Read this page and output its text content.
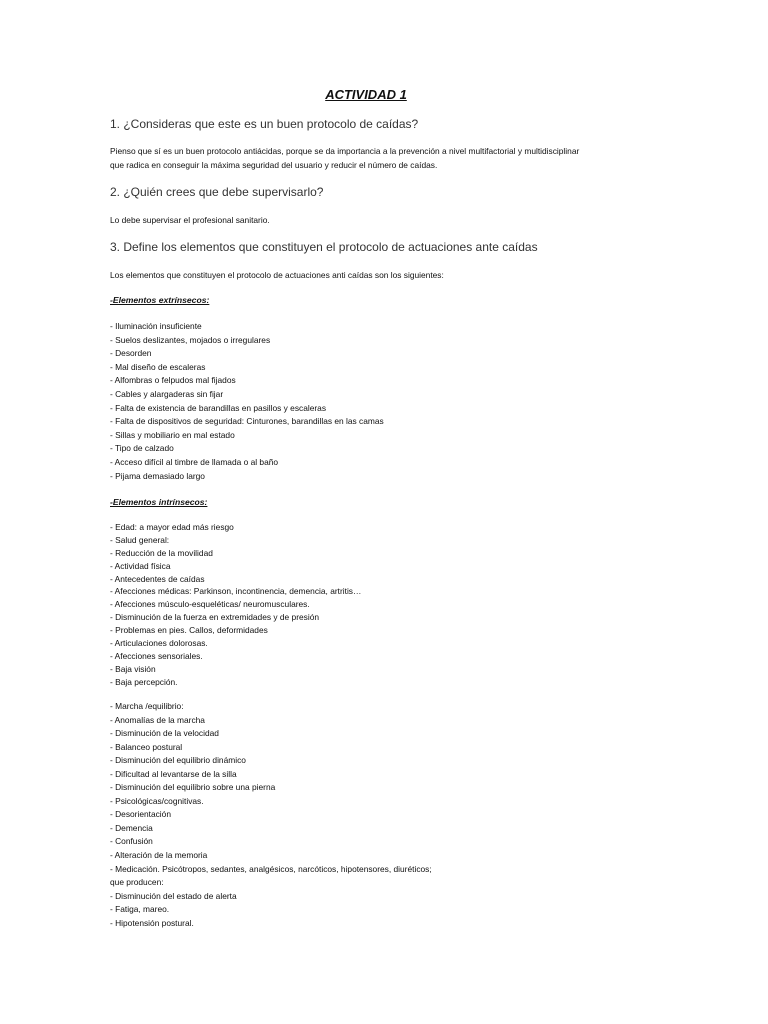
ACTIVIDAD 1
1. ¿Consideras que este es un buen protocolo de caídas?
Pienso que sí es un buen protocolo antiácidas, porque se da importancia a la prevención a nivel multifactorial y multidisciplinar
que radica en conseguir la máxima seguridad del usuario y reducir el número de caídas.
2. ¿Quién crees que debe supervisarlo?
Lo debe supervisar el profesional sanitario.
3. Define los elementos que constituyen el protocolo de actuaciones ante caídas
Los elementos que constituyen el protocolo de actuaciones anti caídas son los siguientes:
-Elementos extrínsecos:
- Iluminación insuficiente
- Suelos deslizantes, mojados o irregulares
- Desorden
- Mal diseño de escaleras
- Alfombras o felpudos mal fijados
- Cables y alargaderas sin fijar
- Falta de existencia de barandillas en pasillos y escaleras
- Falta de dispositivos de seguridad: Cinturones, barandillas en las camas
- Sillas y mobiliario en mal estado
- Tipo de calzado
- Acceso difícil al timbre de llamada o al baño
- Pijama demasiado largo
-Elementos intrínsecos:
- Edad: a mayor edad más riesgo
- Salud general:
- Reducción de la movilidad
- Actividad física
- Antecedentes de caídas
- Afecciones médicas: Parkinson, incontinencia, demencia, artritis…
- Afecciones músculo-esqueléticas/ neuromusculares.
- Disminución de la fuerza en extremidades y de presión
- Problemas en pies. Callos, deformidades
- Articulaciones dolorosas.
- Afecciones sensoriales.
- Baja visión
- Baja percepción.
- Marcha /equilibrio:
- Anomalías de la marcha
- Disminución de la velocidad
- Balanceo postural
- Disminución del equilibrio dinámico
- Dificultad al levantarse de la silla
- Disminución del equilibrio sobre una pierna
- Psicológicas/cognitivas.
- Desorientación
- Demencia
- Confusión
- Alteración de la memoria
- Medicación. Psicótropos, sedantes, analgésicos, narcóticos, hipotensores, diuréticos;
que producen:
- Disminución del estado de alerta
- Fatiga, mareo.
- Hipotensión postural.
